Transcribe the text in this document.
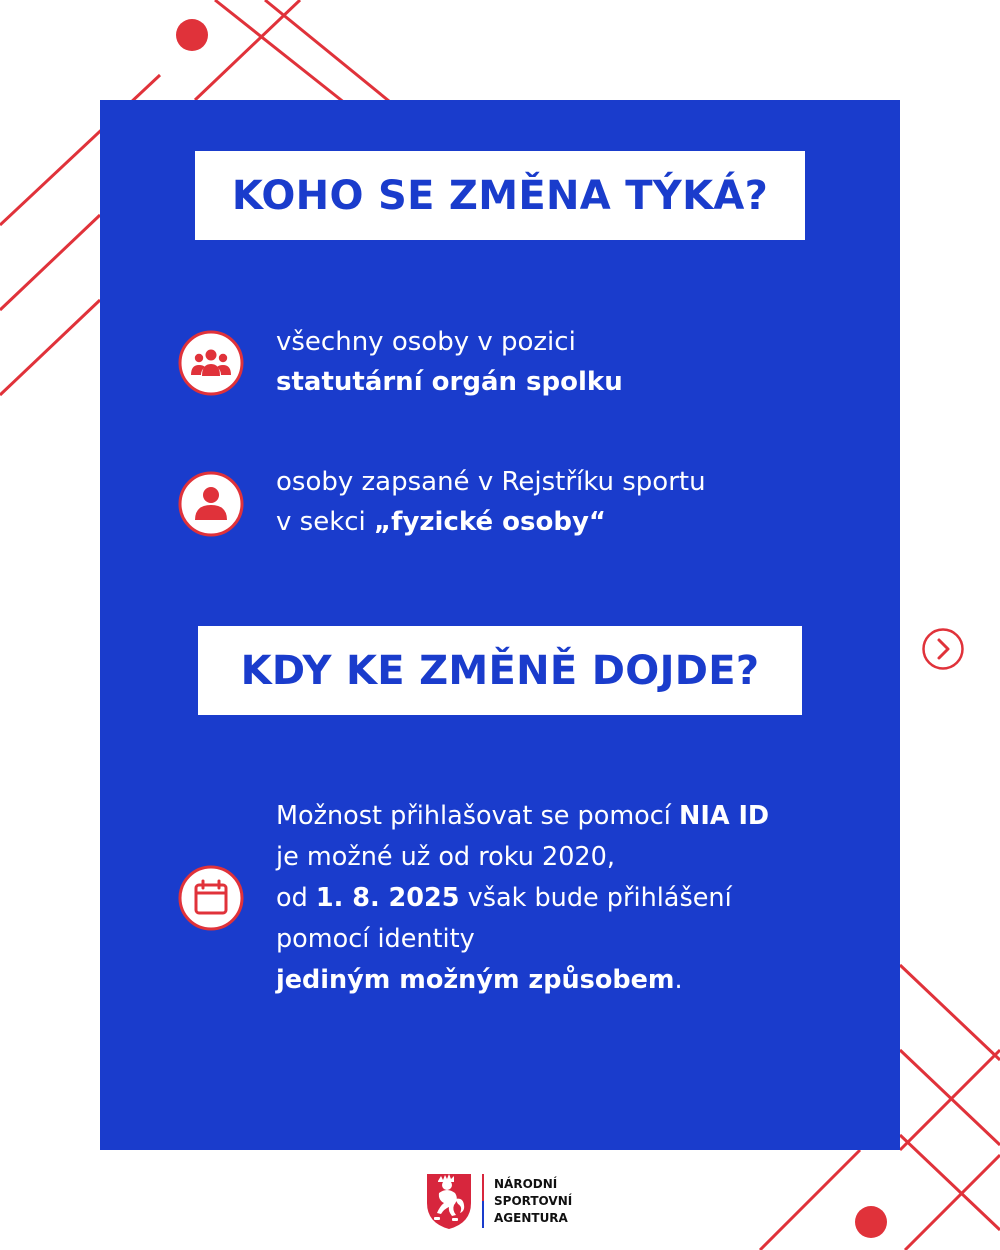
KOHO SE ZMĚNA TÝKÁ?
všechny osoby v pozici
statutární orgán spolku
osoby zapsané v Rejstříku sportu
v sekci „fyzické osoby“
KDY KE ZMĚNĚ DOJDE?
Možnost přihlašovat se pomocí NIA ID
je možné už od roku 2020,
od 1. 8. 2025 však bude přihlášení
pomocí identity
jediným možným způsobem.
NÁRODNÍ
SPORTOVNÍ
AGENTURA
